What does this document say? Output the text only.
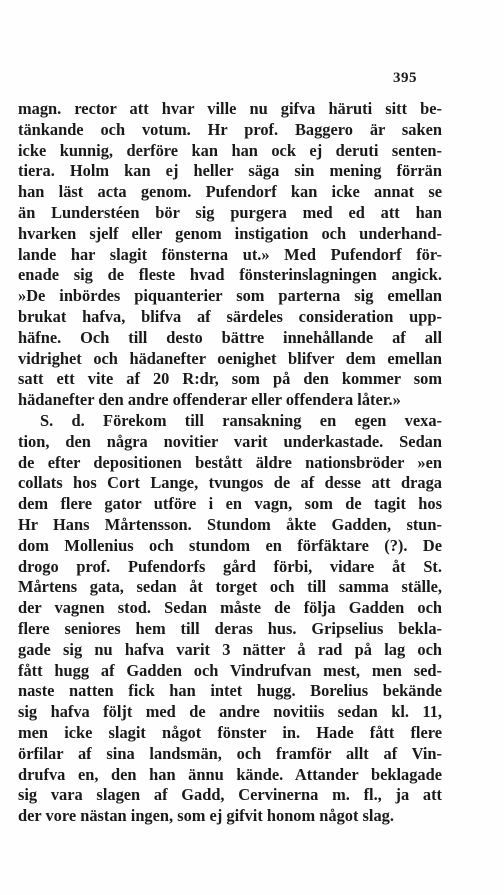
395

magn. rector att hvar ville nu gifva häruti sitt be-
tänkande och votum. Hr prof. Baggero är saken
icke kunnig, derföre kan han ock ej deruti senten-
tiera. Holm kan ej heller säga sin mening förrän
han läst acta genom. Pufendorf kan icke annat se
än Lunderstéen bör sig purgera med ed att han
hvarken sjelf eller genom instigation och underhand-
lande har slagit fönsterna ut.» Med Pufendorf för-
enade sig de fleste hvad fönsterinslagningen angick.
»De inbördes piquanterier som parterna sig emellan
brukat hafva, blifva af särdeles consideration upp-
häfne. Och till desto bättre innehållande af all
vidrighet och hädanefter oenighet blifver dem emellan
satt ett vite af 20 R:dr, som på den kommer som
hädanefter den andre offenderar eller offendera låter.»

S. d. Förekom till ransakning en egen vexa-
tion, den några novitier varit underkastade. Sedan
de efter depositionen bestått äldre nationsbröder »en
collats hos Cort Lange, tvungos de af desse att draga
dem flere gator utföre i en vagn, som de tagit hos
Hr Hans Mårtensson. Stundom åkte Gadden, stun-
dom Mollenius och stundom en förfäktare (?). De
drogo prof. Pufendorfs gård förbi, vidare åt St.
Mårtens gata, sedan åt torget och till samma ställe,
der vagnen stod. Sedan måste de följa Gadden och
flere seniores hem till deras hus. Gripselius bekla-
gade sig nu hafva varit 3 nätter å rad på lag och
fått hugg af Gadden och Vindrufvan mest, men sed-
naste natten fick han intet hugg. Borelius bekände
sig hafva följt med de andre novitiis sedan kl. 11,
men icke slagit något fönster in. Hade fått flere
örfilar af sina landsmän, och framför allt af Vin-
drufva en, den han ännu kände. Attander beklagade
sig vara slagen af Gadd, Cervinerna m. fl., ja att
der vore nästan ingen, som ej gifvit honom något slag.
